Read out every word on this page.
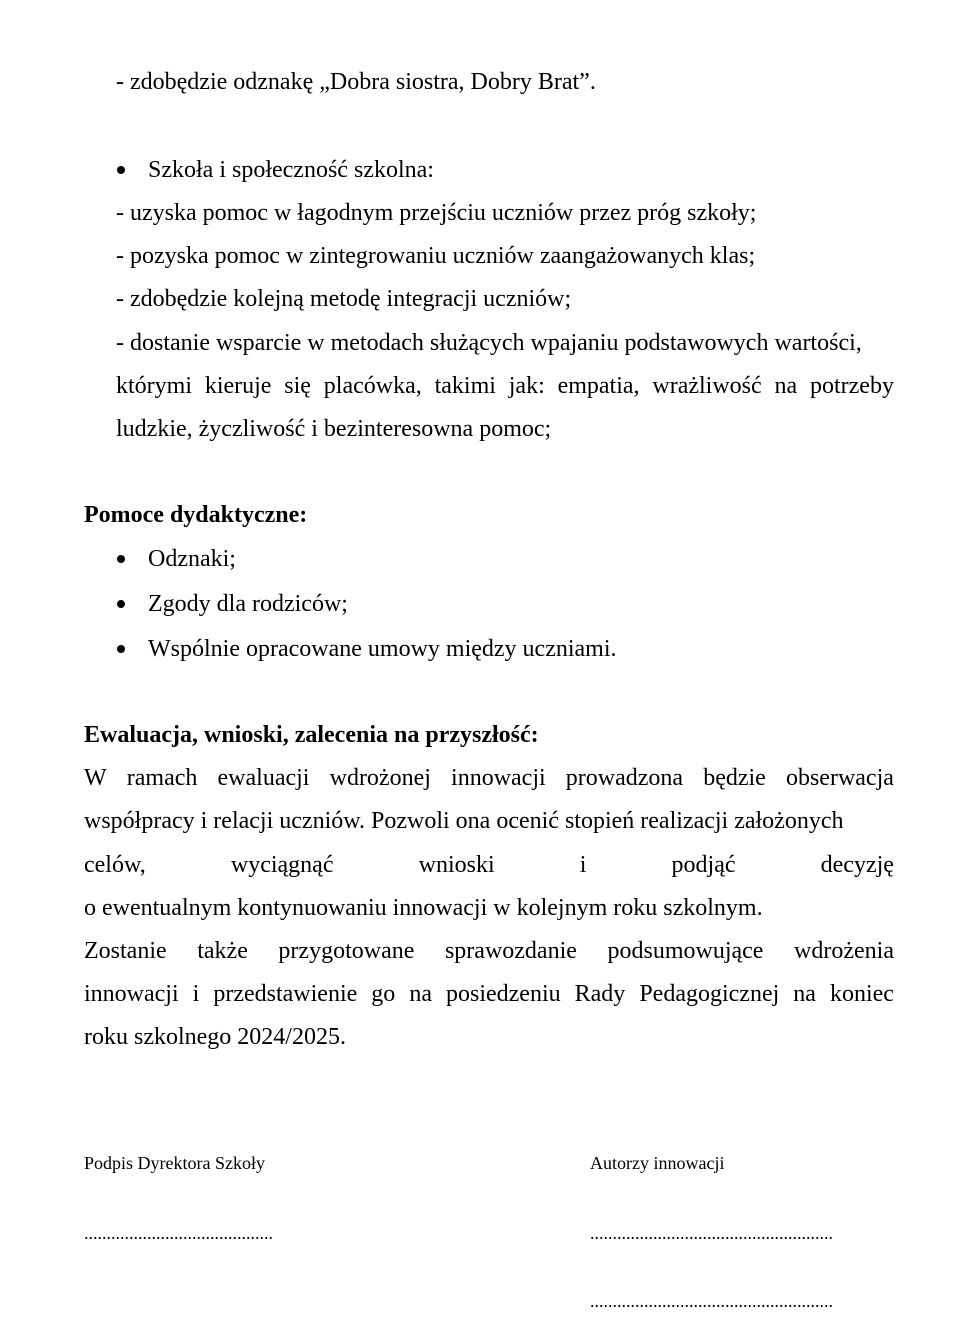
- zdobędzie odznakę „Dobra siostra, Dobry Brat”.
Szkoła i społeczność szkolna:
- uzyska pomoc w łagodnym przejściu uczniów przez próg szkoły;
- pozyska pomoc w zintegrowaniu uczniów zaangażowanych klas;
- zdobędzie kolejną metodę integracji uczniów;
- dostanie wsparcie w metodach służących wpajaniu podstawowych wartości,
którymi kieruje się placówka, takimi jak: empatia, wrażliwość na potrzeby
ludzkie, życzliwość i bezinteresowna pomoc;
Pomoce dydaktyczne:
Odznaki;
Zgody dla rodziców;
Wspólnie opracowane umowy między uczniami.
Ewaluacja, wnioski, zalecenia na przyszłość:
W ramach ewaluacji wdrożonej innowacji prowadzona będzie obserwacja
współpracy i relacji uczniów. Pozwoli ona ocenić stopień realizacji założonych
celów,	wyciągnąć	wnioski	i	podjąć	decyzję
o ewentualnym kontynuowaniu innowacji w kolejnym roku szkolnym.
Zostanie także przygotowane sprawozdanie podsumowujące wdrożenia
innowacji i przedstawienie go na posiedzeniu Rady Pedagogicznej na koniec
roku szkolnego 2024/2025.
Podpis Dyrektora Szkoły	Autorzy innowacji
..........................................	......................................................
......................................................
